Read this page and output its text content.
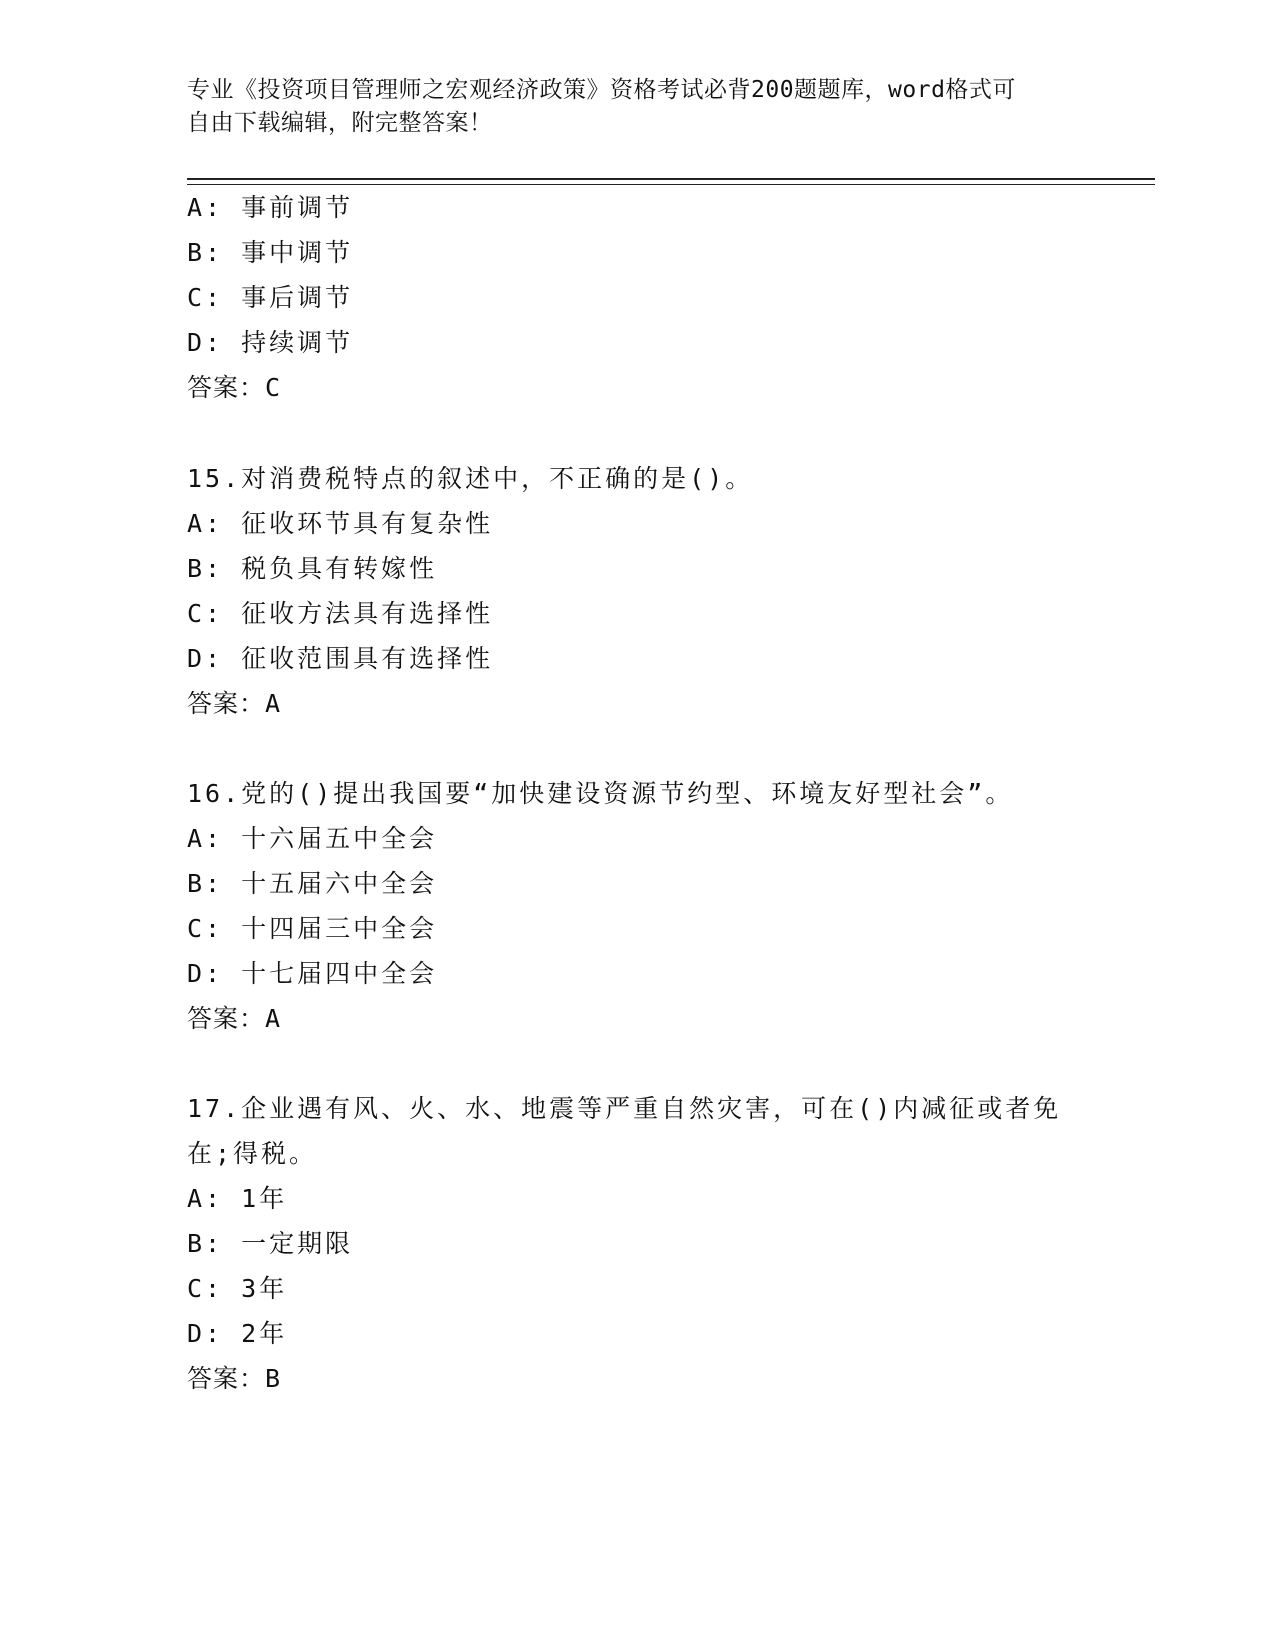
专业《投资项目管理师之宏观经济政策》资格考试必背200题题库，word格式可
自由下载编辑，附完整答案！
A: 事前调节
B: 事中调节
C: 事后调节
D: 持续调节
答案：C
15.对消费税特点的叙述中，不正确的是()。
A: 征收环节具有复杂性
B: 税负具有转嫁性
C: 征收方法具有选择性
D: 征收范围具有选择性
答案：A
16.党的()提出我国要“加快建设资源节约型、环境友好型社会”。
A: 十六届五中全会
B: 十五届六中全会
C: 十四届三中全会
D: 十七届四中全会
答案：A
17.企业遇有风、火、水、地震等严重自然灾害，可在()内减征或者免
在;得税。
A: 1年
B: 一定期限
C: 3年
D: 2年
答案：B
